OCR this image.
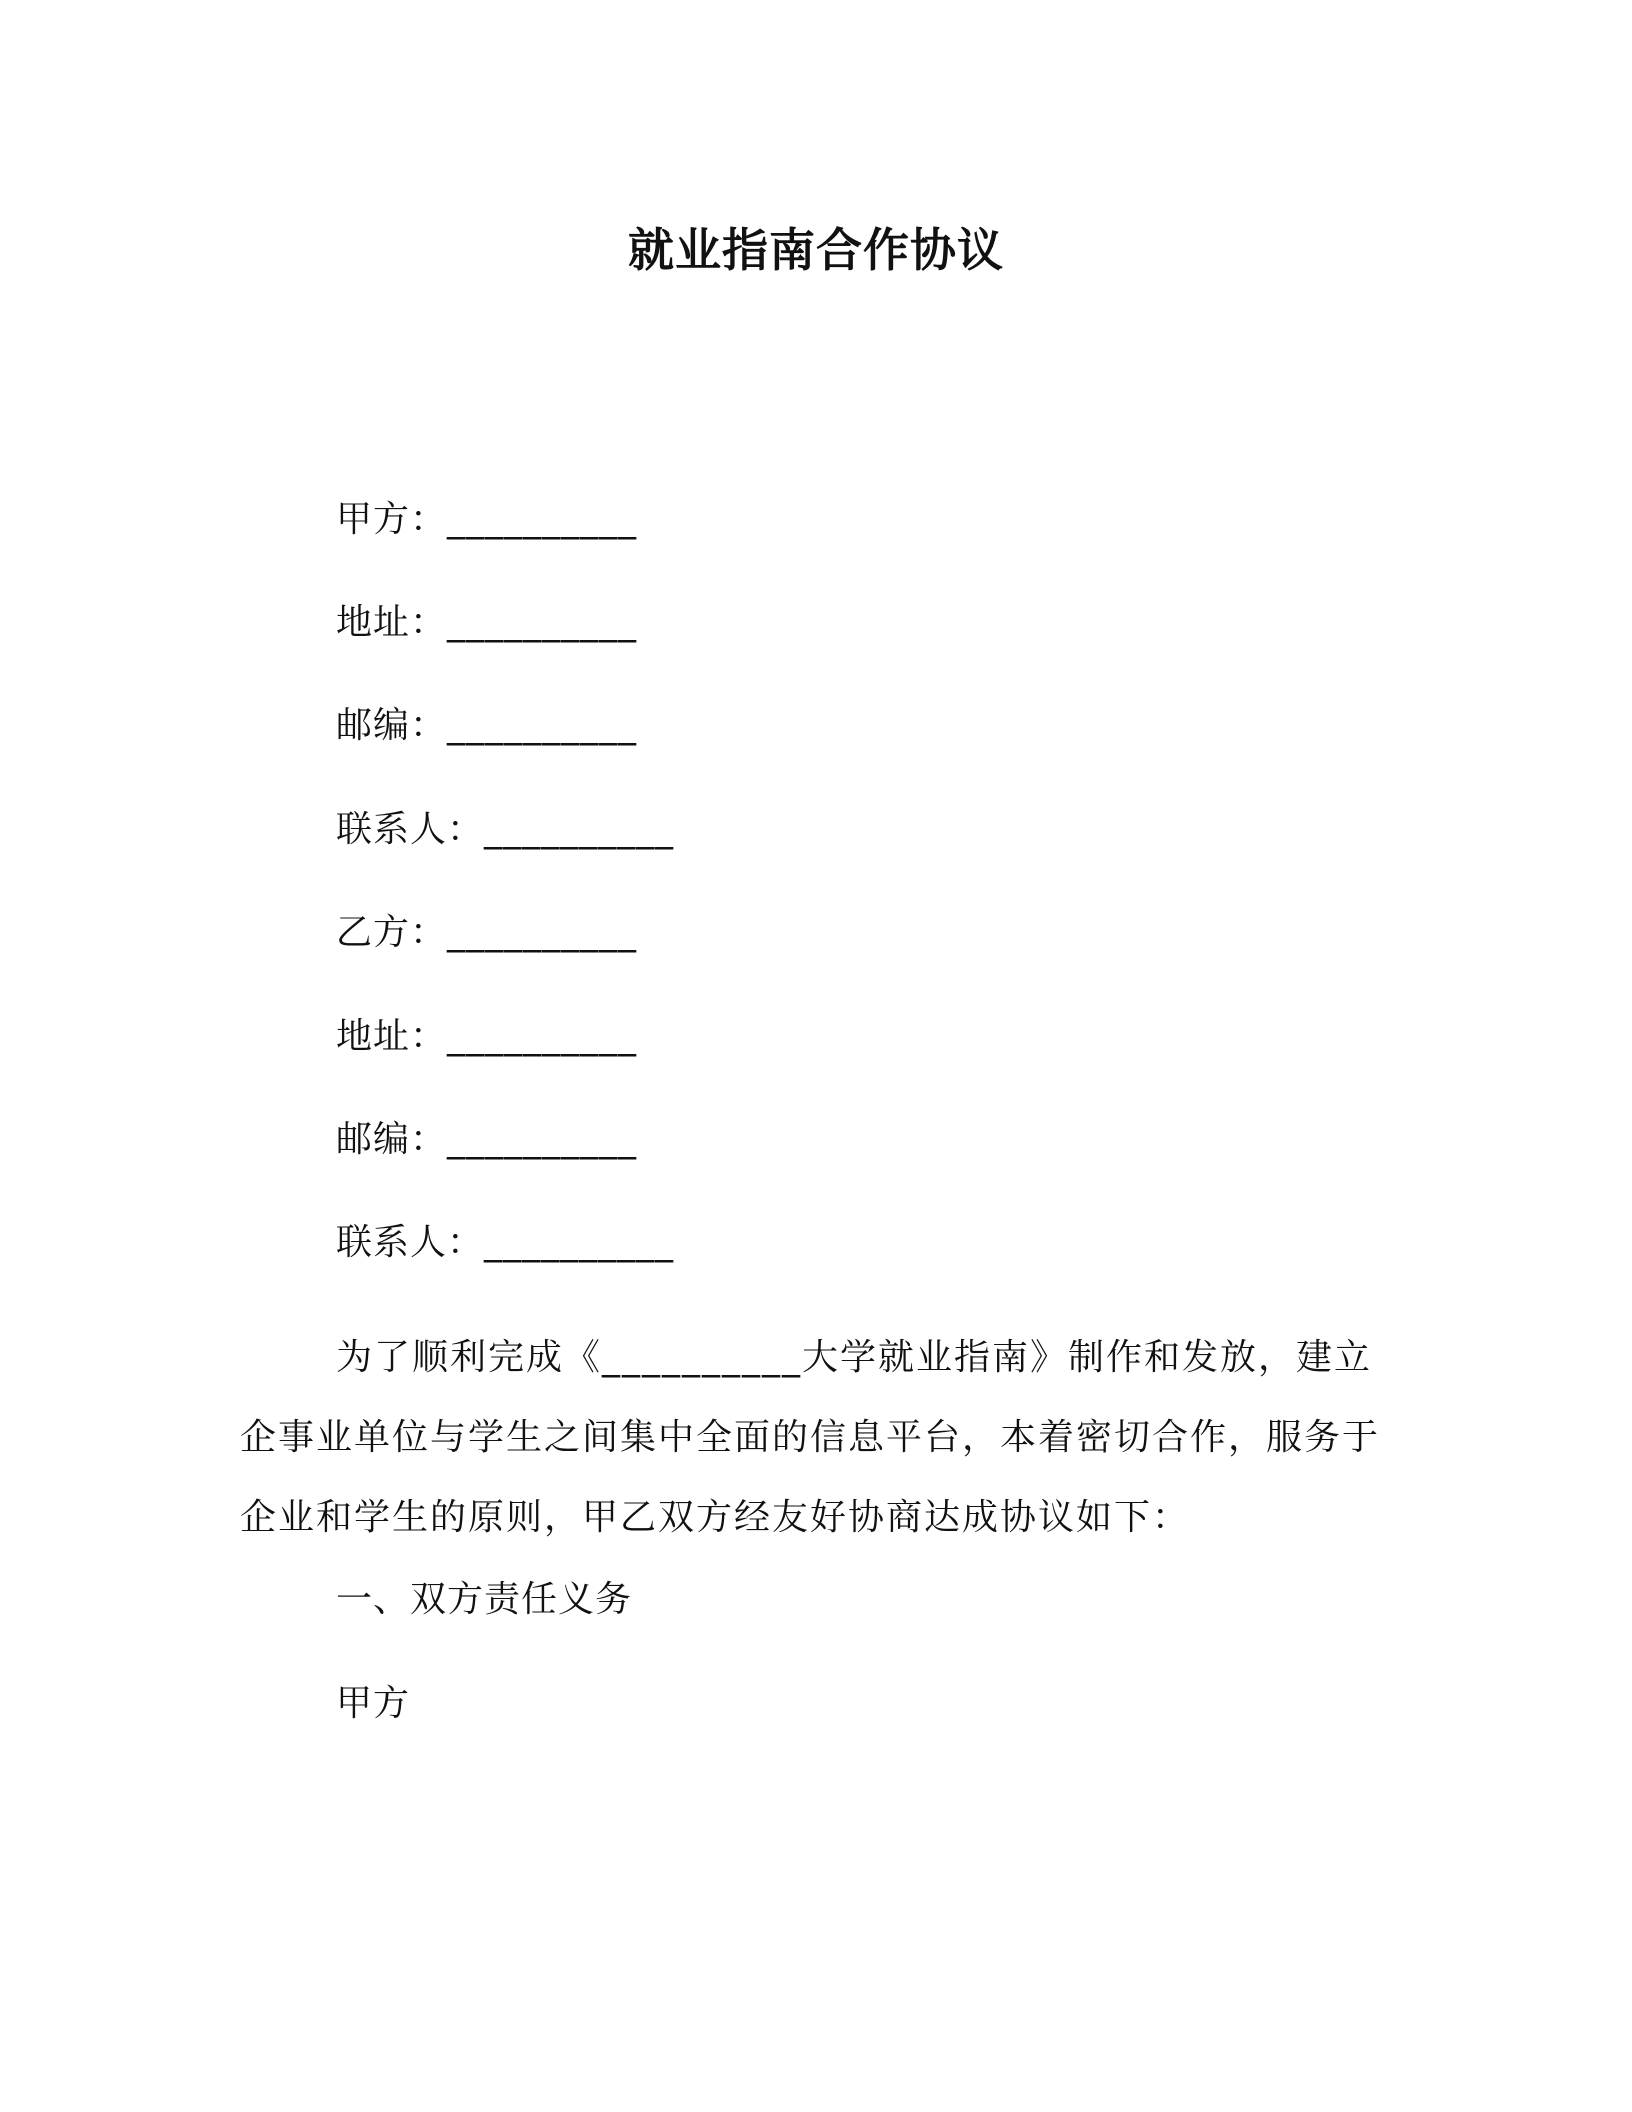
就业指南合作协议
甲方：__________
地址：__________
邮编：__________
联系人：__________
乙方：__________
地址：__________
邮编：__________
联系人：__________

为了顺利完成《__________大学就业指南》制作和发放，建立企事业单位与学生之间集中全面的信息平台，本着密切合作，服务于企业和学生的原则，甲乙双方经友好协商达成协议如下：

一、双方责任义务
甲方
